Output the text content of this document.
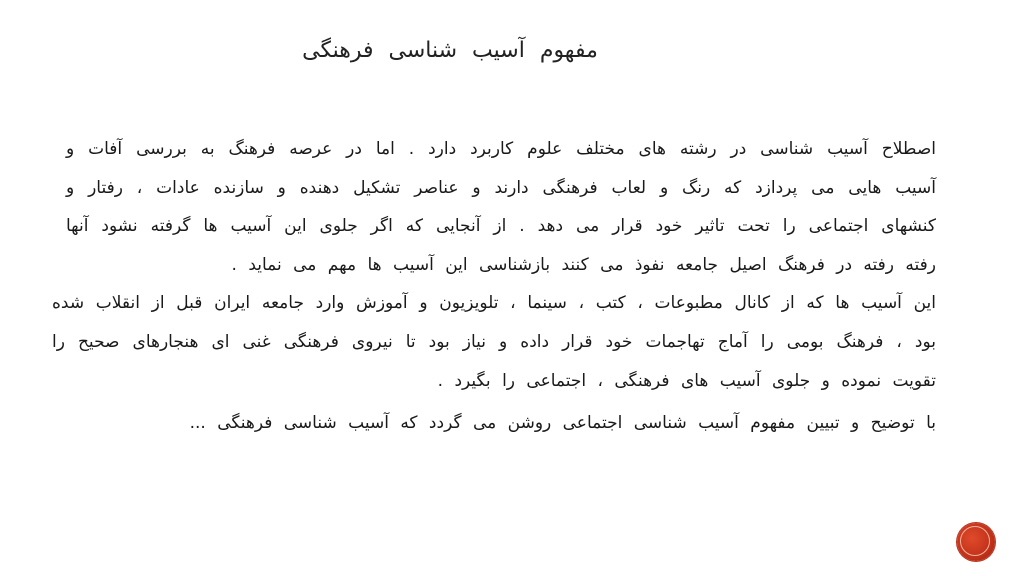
مفهوم آسیب شناسی فرهنگی

اصطلاح آسیب شناسی در رشته های مختلف علوم کاربرد دارد . اما در عرصه فرهنگ به بررسی آفات و آسیب هایی می پردازد که رنگ و لعاب فرهنگی دارند و عناصر تشکیل دهنده و سازنده عادات ، رفتار و کنشهای اجتماعی را تحت تاثیر خود قرار می دهد . از آنجایی که اگر جلوی این آسیب ها گرفته نشود آنها رفته رفته در فرهنگ اصیل جامعه نفوذ می کنند بازشناسی این آسیب ها مهم می نماید .

این آسیب ها که از کانال مطبوعات ، کتب ، سینما ، تلویزیون و آموزش وارد جامعه ایران قبل از انقلاب شده بود ، فرهنگ بومی را آماج تهاجمات خود قرار داده و نیاز بود تا نیروی فرهنگی غنی ای هنجارهای صحیح را تقویت نموده و جلوی آسیب های فرهنگی ، اجتماعی را بگیرد .

با توضیح و تبیین مفهوم آسیب شناسی اجتماعی روشن می گردد که آسیب شناسی فرهنگی ...
